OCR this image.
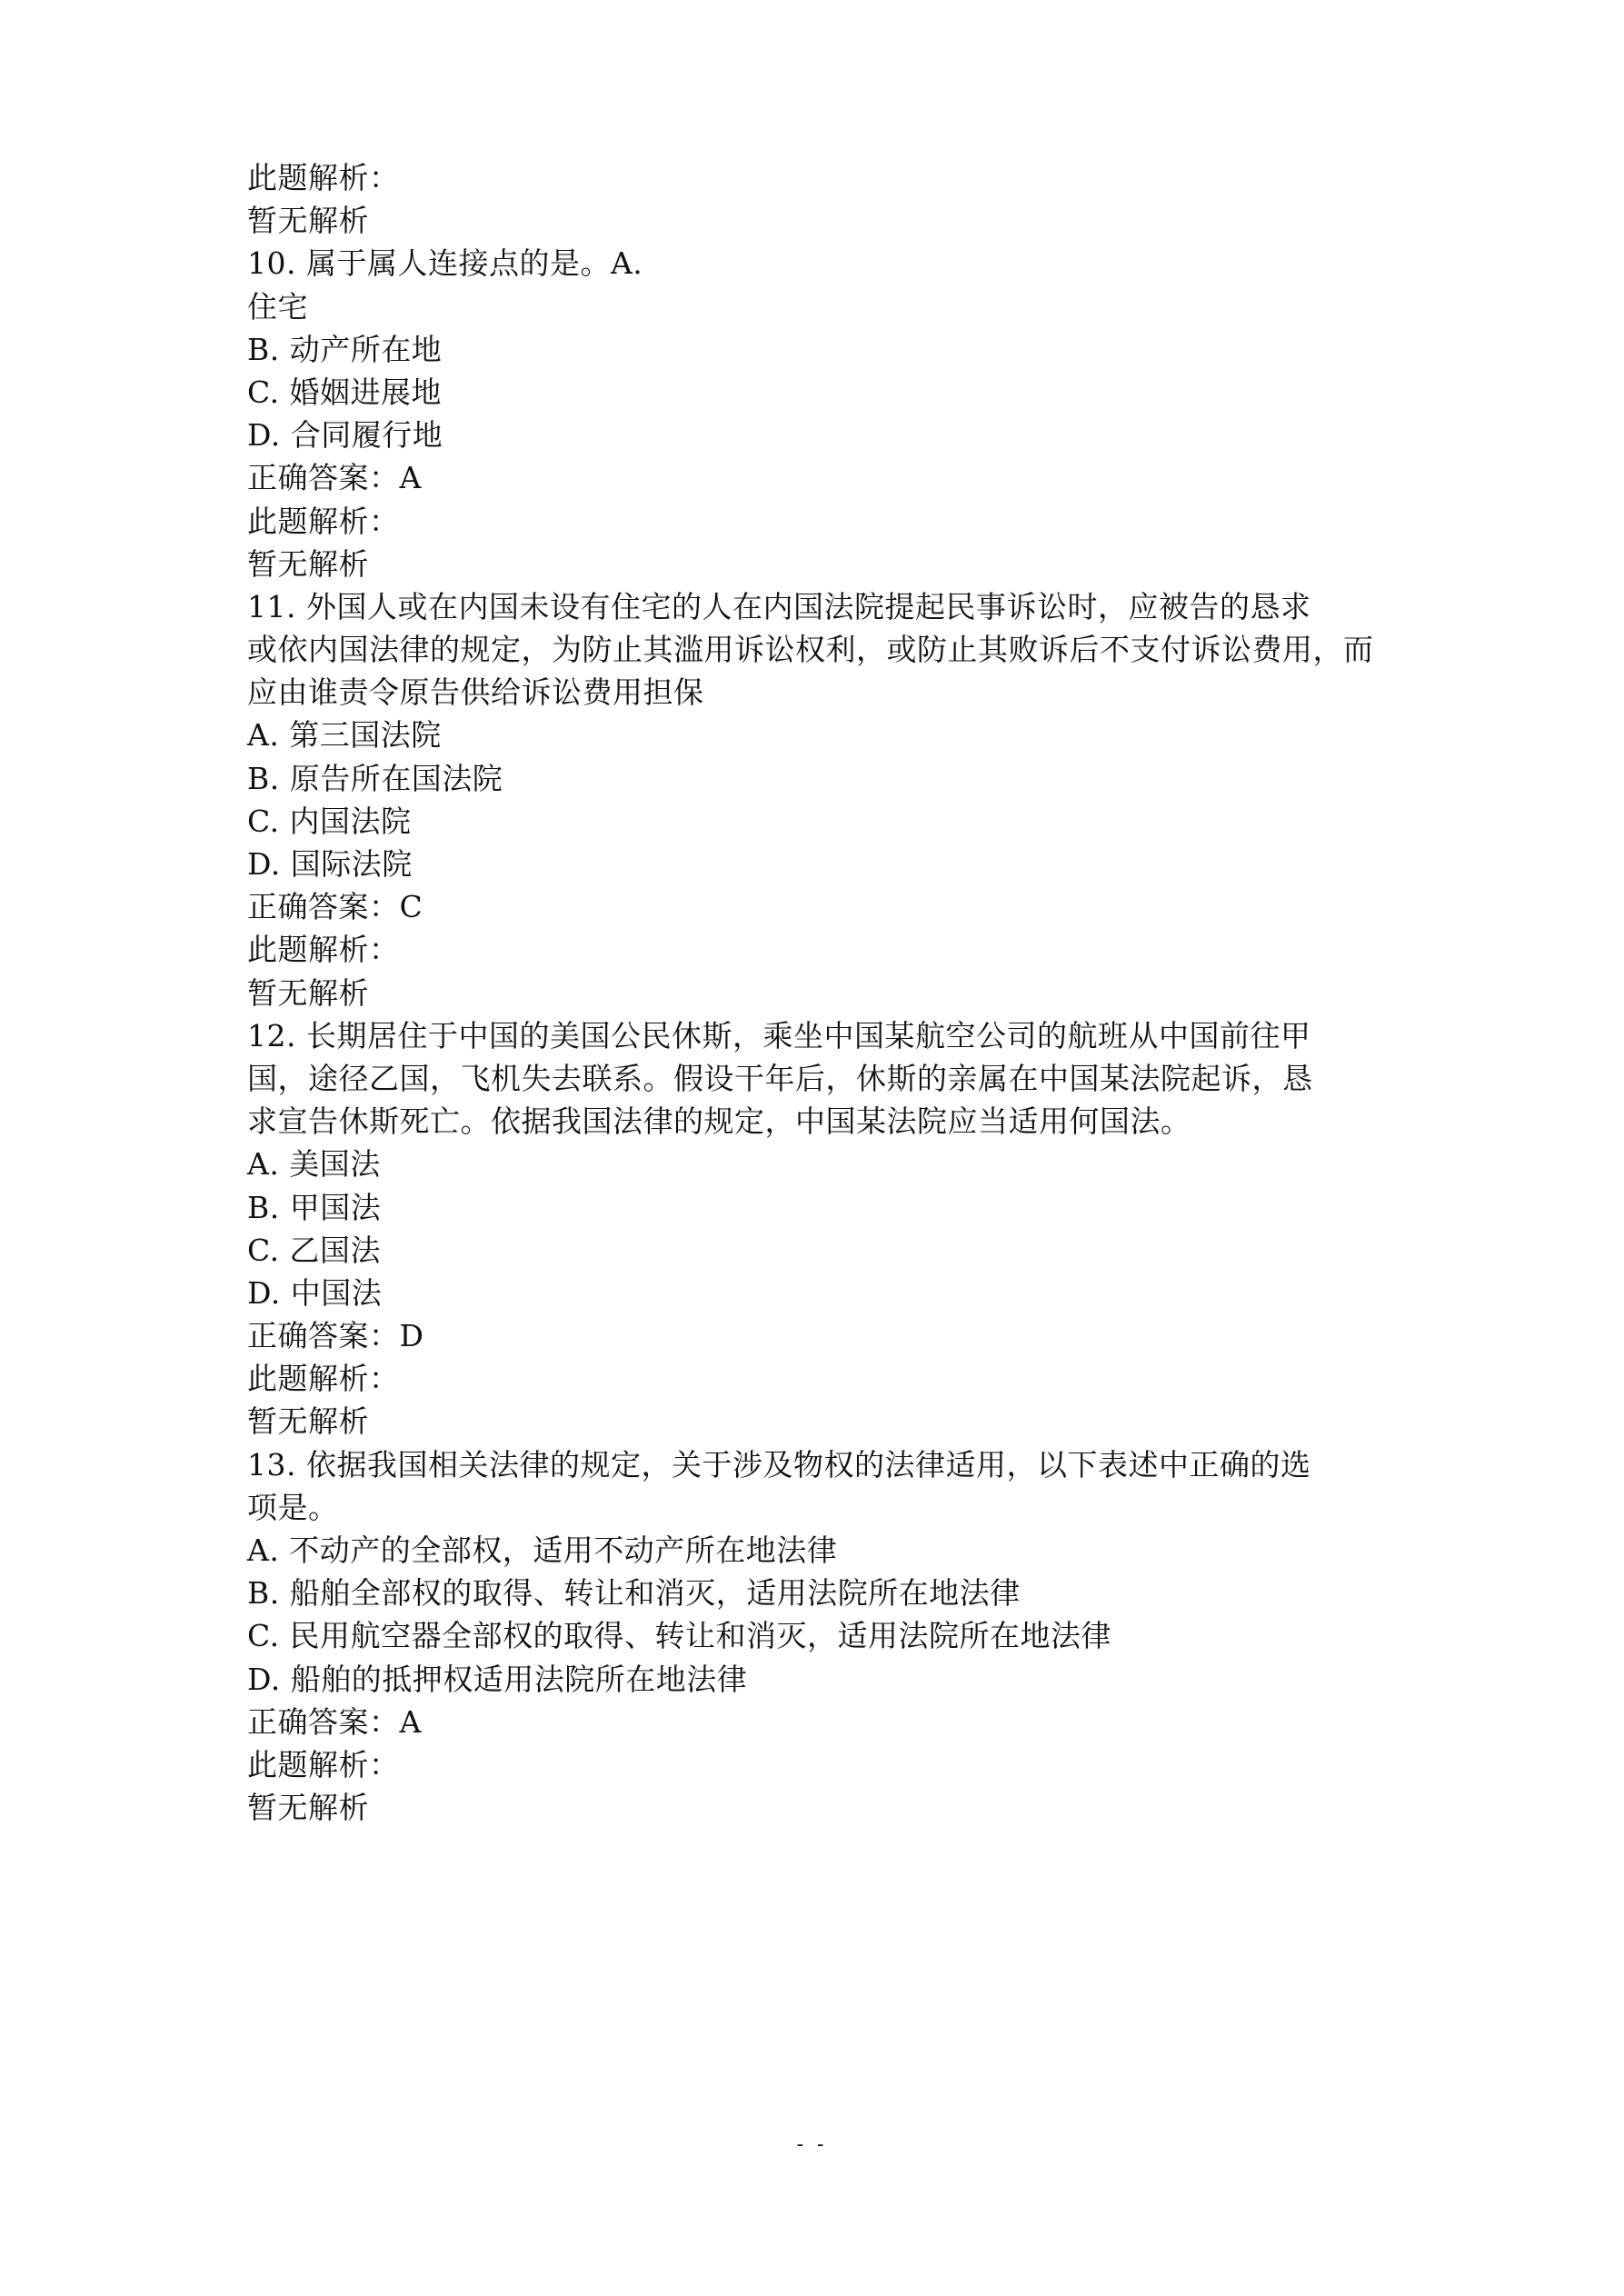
此题解析：
暂无解析
10. 属于属人连接点的是。A.
住宅
B. 动产所在地
C. 婚姻进展地
D. 合同履行地
正确答案：A
此题解析：
暂无解析
11. 外国人或在内国未设有住宅的人在内国法院提起民事诉讼时，应被告的恳求
或依内国法律的规定，为防止其滥用诉讼权利，或防止其败诉后不支付诉讼费用，而
应由谁责令原告供给诉讼费用担保
A. 第三国法院
B. 原告所在国法院
C. 内国法院
D. 国际法院
正确答案：C
此题解析：
暂无解析
12. 长期居住于中国的美国公民休斯，乘坐中国某航空公司的航班从中国前往甲
国，途径乙国，飞机失去联系。假设干年后，休斯的亲属在中国某法院起诉，恳
求宣告休斯死亡。依据我国法律的规定，中国某法院应当适用何国法。
A. 美国法
B. 甲国法
C. 乙国法
D. 中国法
正确答案：D
此题解析：
暂无解析
13. 依据我国相关法律的规定，关于涉及物权的法律适用，以下表述中正确的选
项是。
A. 不动产的全部权，适用不动产所在地法律
B. 船舶全部权的取得、转让和消灭，适用法院所在地法律
C. 民用航空器全部权的取得、转让和消灭，适用法院所在地法律
D. 船舶的抵押权适用法院所在地法律
正确答案：A
此题解析：
暂无解析
- -
